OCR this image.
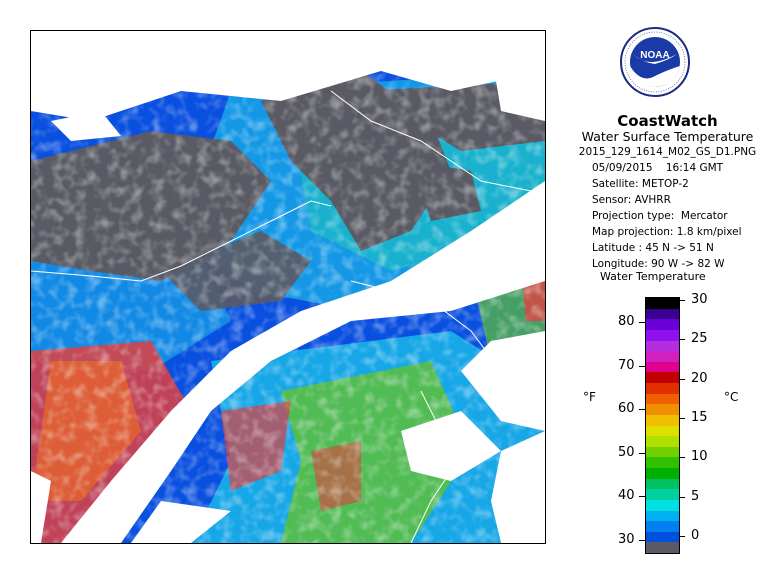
NOAA
CoastWatch
Water Surface Temperature
2015_129_1614_M02_GS_D1.PNG
05/09/2015    16:14 GMT
Satellite: METOP-2
Sensor: AVHRR
Projection type:  Mercator
Map projection: 1.8 km/pixel
Latitude : 45 N -> 51 N
Longitude: 90 W -> 82 W
Water Temperature
°F	°C
80
70
60
50
40
30
30
25
20
15
10
5
0
